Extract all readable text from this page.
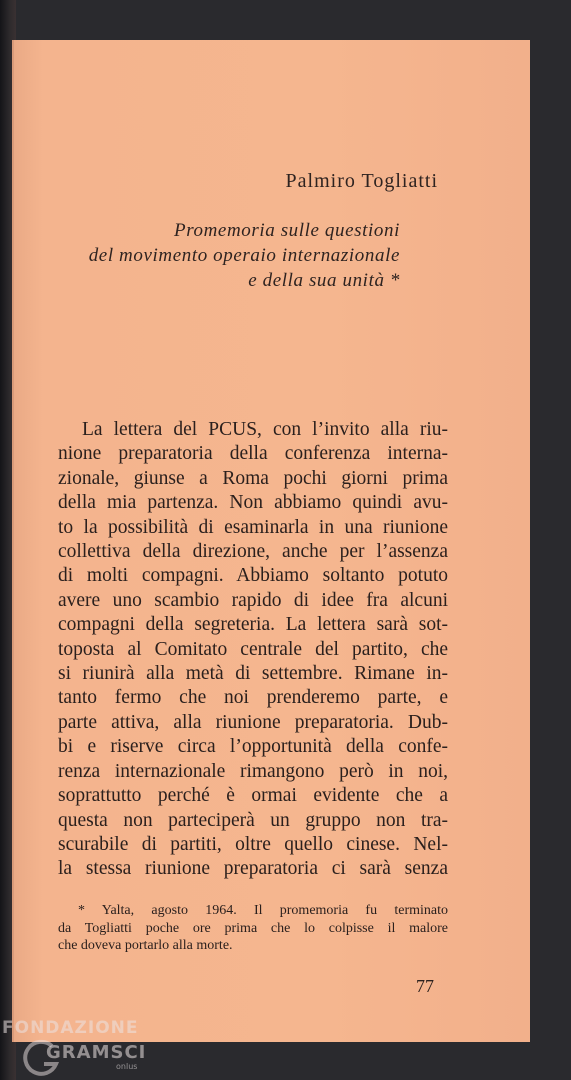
Palmiro Togliatti
Promemoria sulle questioni
del movimento operaio internazionale
e della sua unità *
La lettera del PCUS, con l’invito alla riu-
nione preparatoria della conferenza interna-
zionale, giunse a Roma pochi giorni prima
della mia partenza. Non abbiamo quindi avu-
to la possibilità di esaminarla in una riunione
collettiva della direzione, anche per l’assenza
di molti compagni. Abbiamo soltanto potuto
avere uno scambio rapido di idee fra alcuni
compagni della segreteria. La lettera sarà sot-
toposta al Comitato centrale del partito, che
si riunirà alla metà di settembre. Rimane in-
tanto fermo che noi prenderemo parte, e
parte attiva, alla riunione preparatoria. Dub-
bi e riserve circa l’opportunità della confe-
renza internazionale rimangono però in noi,
soprattutto perché è ormai evidente che a
questa non parteciperà un gruppo non tra-
scurabile di partiti, oltre quello cinese. Nel-
la stessa riunione preparatoria ci sarà senza
* Yalta, agosto 1964. Il promemoria fu terminato
da Togliatti poche ore prima che lo colpisse il malore
che doveva portarlo alla morte.
77
FONDAZIONE
GRAMSCI
onlus
